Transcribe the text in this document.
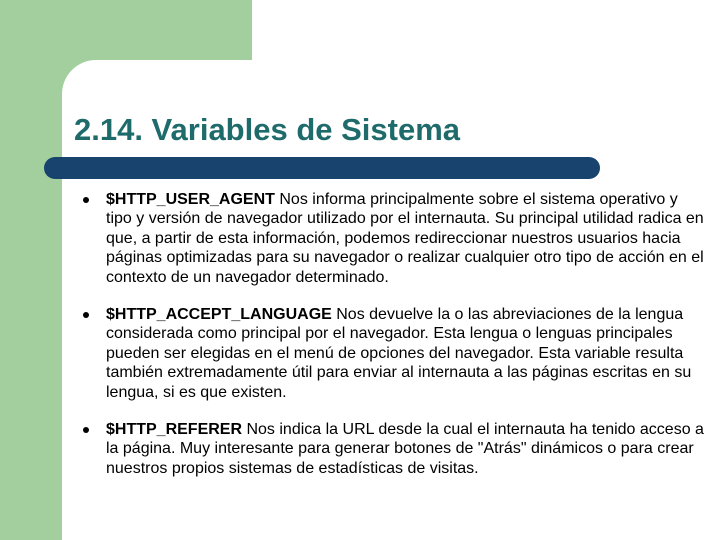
2.14. Variables de Sistema
$HTTP_USER_AGENT Nos informa principalmente sobre el sistema operativo y tipo y versión de navegador utilizado por el internauta. Su principal utilidad radica en que, a partir de esta información, podemos redireccionar nuestros usuarios hacia páginas optimizadas para su navegador o realizar cualquier otro tipo de acción en el contexto de un navegador determinado.
$HTTP_ACCEPT_LANGUAGE Nos devuelve la o las abreviaciones de la lengua considerada como principal por el navegador. Esta lengua o lenguas principales pueden ser elegidas en el menú de opciones del navegador. Esta variable resulta también extremadamente útil para enviar al internauta a las páginas escritas en su lengua, si es que existen.
$HTTP_REFERER Nos indica la URL desde la cual el internauta ha tenido acceso a la página. Muy interesante para generar botones de "Atrás" dinámicos o para crear nuestros propios sistemas de estadísticas de visitas.
